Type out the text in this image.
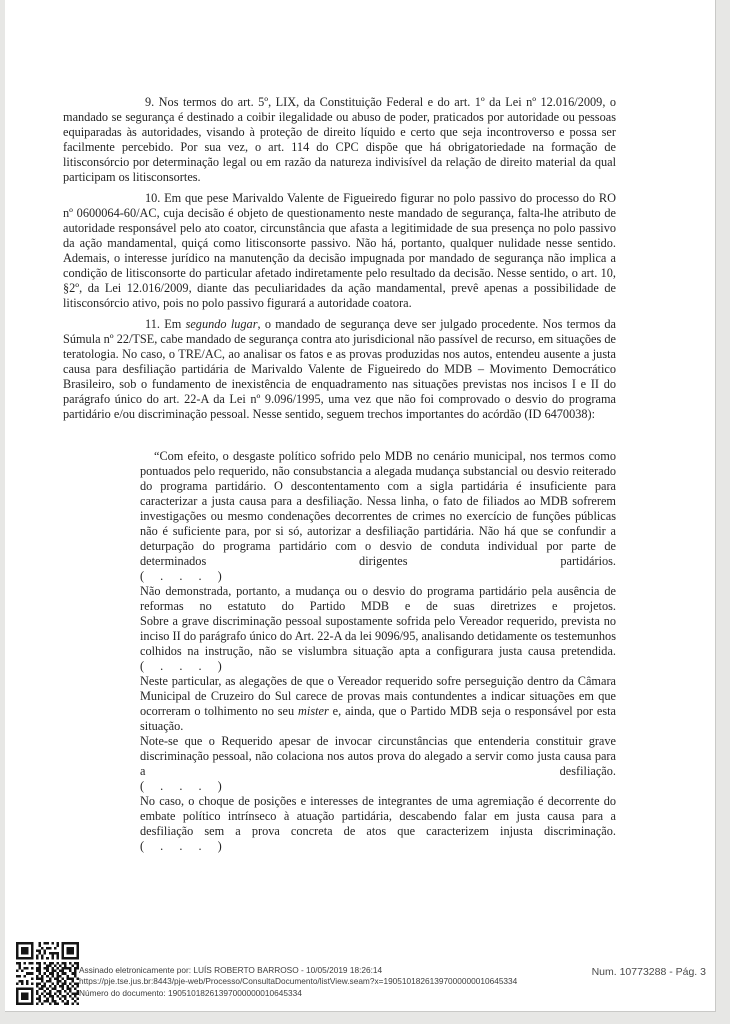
9. Nos termos do art. 5º, LIX, da Constituição Federal e do art. 1º da Lei nº 12.016/2009, o mandado se segurança é destinado a coibir ilegalidade ou abuso de poder, praticados por autoridade ou pessoas equiparadas às autoridades, visando à proteção de direito líquido e certo que seja incontroverso e possa ser facilmente percebido. Por sua vez, o art. 114 do CPC dispõe que há obrigatoriedade na formação de litisconsórcio por determinação legal ou em razão da natureza indivisível da relação de direito material da qual participam os litisconsortes.

10. Em que pese Marivaldo Valente de Figueiredo figurar no polo passivo do processo do RO nº 0600064-60/AC, cuja decisão é objeto de questionamento neste mandado de segurança, falta-lhe atributo de autoridade responsável pelo ato coator, circunstância que afasta a legitimidade de sua presença no polo passivo da ação mandamental, quiçá como litisconsorte passivo. Não há, portanto, qualquer nulidade nesse sentido. Ademais, o interesse jurídico na manutenção da decisão impugnada por mandado de segurança não implica a condição de litisconsorte do particular afetado indiretamente pelo resultado da decisão. Nesse sentido, o art. 10, §2º, da Lei 12.016/2009, diante das peculiaridades da ação mandamental, prevê apenas a possibilidade de litisconsórcio ativo, pois no polo passivo figurará a autoridade coatora.

11. Em segundo lugar, o mandado de segurança deve ser julgado procedente. Nos termos da Súmula nº 22/TSE, cabe mandado de segurança contra ato jurisdicional não passível de recurso, em situações de teratologia. No caso, o TRE/AC, ao analisar os fatos e as provas produzidas nos autos, entendeu ausente a justa causa para desfiliação partidária de Marivaldo Valente de Figueiredo do MDB – Movimento Democrático Brasileiro, sob o fundamento de inexistência de enquadramento nas situações previstas nos incisos I e II do parágrafo único do art. 22-A da Lei nº 9.096/1995, uma vez que não foi comprovado o desvio do programa partidário e/ou discriminação pessoal. Nesse sentido, seguem trechos importantes do acórdão (ID 6470038):

“Com efeito, o desgaste político sofrido pelo MDB no cenário municipal, nos termos como pontuados pelo requerido, não consubstancia a alegada mudança substancial ou desvio reiterado do programa partidário. O descontentamento com a sigla partidária é insuficiente para caracterizar a justa causa para a desfiliação. Nessa linha, o fato de filiados ao MDB sofrerem investigações ou mesmo condenações decorrentes de crimes no exercício de funções públicas não é suficiente para, por si só, autorizar a desfiliação partidária. Não há que se confundir a deturpação do programa partidário com o desvio de conduta individual por parte de determinados dirigentes partidários.

( . . . )

Não demonstrada, portanto, a mudança ou o desvio do programa partidário pela ausência de reformas no estatuto do Partido MDB e de suas diretrizes e projetos.

Sobre a grave discriminação pessoal supostamente sofrida pelo Vereador requerido, prevista no inciso II do parágrafo único do Art. 22-A da lei 9096/95, analisando detidamente os testemunhos colhidos na instrução, não se vislumbra situação apta a configurara justa causa pretendida.

( . . . )

Neste particular, as alegações de que o Vereador requerido sofre perseguição dentro da Câmara Municipal de Cruzeiro do Sul carece de provas mais contundentes a indicar situações em que ocorreram o tolhimento no seu mister e, ainda, que o Partido MDB seja o responsável por esta situação.

Note-se que o Requerido apesar de invocar circunstâncias que entenderia constituir grave discriminação pessoal, não colaciona nos autos prova do alegado a servir como justa causa para a desfiliação.

( . . . )

No caso, o choque de posições e interesses de integrantes de uma agremiação é decorrente do embate político intrínseco à atuação partidária, descabendo falar em justa causa para a desfiliação sem a prova concreta de atos que caracterizem injusta discriminação.

( . . . )
Assinado eletronicamente por: LUÍS ROBERTO BARROSO - 10/05/2019 18:26:14
https://pje.tse.jus.br:8443/pje-web/Processo/ConsultaDocumento/listView.seam?x=19051018261397000000010645334
Número do documento: 19051018261397000000010645334
Num. 10773288 - Pág. 3
